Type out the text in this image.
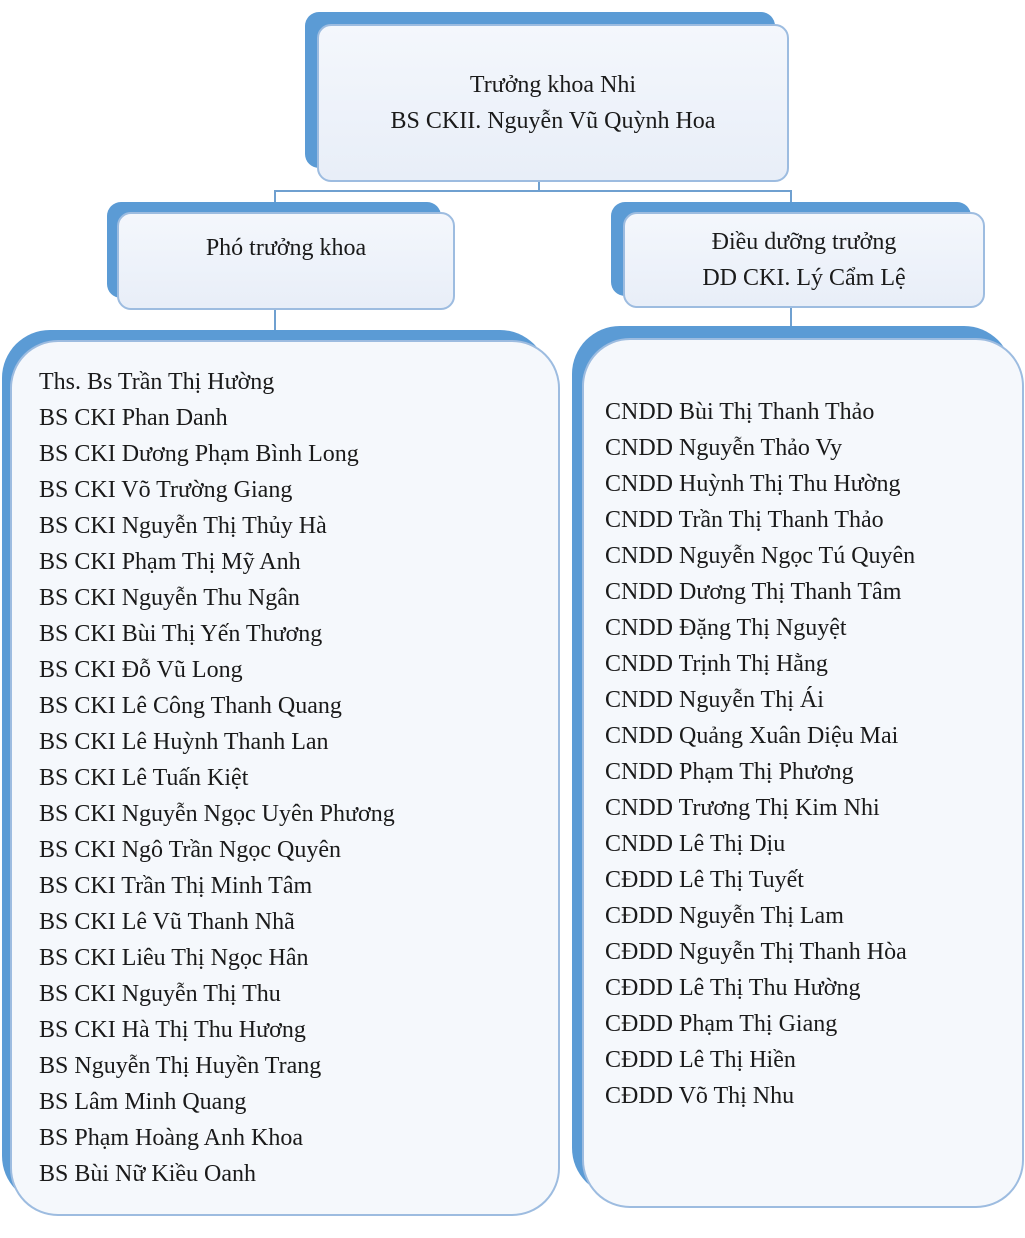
Trưởng khoa Nhi
BS CKII. Nguyễn Vũ Quỳnh Hoa
Phó trưởng khoa	Điều dưỡng trưởng
DD CKI. Lý Cẩm Lệ
Ths. Bs Trần Thị Hường
BS CKI Phan Danh
BS CKI Dương Phạm Bình Long
BS CKI Võ Trường Giang
BS CKI Nguyễn Thị Thủy Hà
BS CKI Phạm Thị Mỹ Anh
BS CKI Nguyễn Thu Ngân
BS CKI Bùi Thị Yến Thương
BS CKI Đỗ Vũ Long
BS CKI Lê Công Thanh Quang
BS CKI Lê Huỳnh Thanh Lan
BS CKI Lê Tuấn Kiệt
BS CKI Nguyễn Ngọc Uyên Phương
BS CKI Ngô Trần Ngọc Quyên
BS CKI Trần Thị Minh Tâm
BS CKI Lê Vũ Thanh Nhã
BS CKI Liêu Thị Ngọc Hân
BS CKI Nguyễn Thị Thu
BS CKI Hà Thị Thu Hương
BS Nguyễn Thị Huyền Trang
BS Lâm Minh Quang
BS Phạm Hoàng Anh Khoa
BS Bùi Nữ Kiều Oanh
CNDD Bùi Thị Thanh Thảo
CNDD Nguyễn Thảo Vy
CNDD Huỳnh Thị Thu Hường
CNDD Trần Thị Thanh Thảo
CNDD Nguyễn Ngọc Tú Quyên
CNDD Dương Thị Thanh Tâm
CNDD Đặng Thị Nguyệt
CNDD Trịnh Thị Hằng
CNDD Nguyễn Thị Ái
CNDD Quảng Xuân Diệu Mai
CNDD Phạm Thị Phương
CNDD Trương Thị Kim Nhi
CNDD Lê Thị Dịu
CĐDD Lê Thị Tuyết
CĐDD Nguyễn Thị Lam
CĐDD Nguyễn Thị Thanh Hòa
CĐDD Lê Thị Thu Hường
CĐDD Phạm Thị Giang
CĐDD Lê Thị Hiền
CĐDD Võ Thị Nhu
